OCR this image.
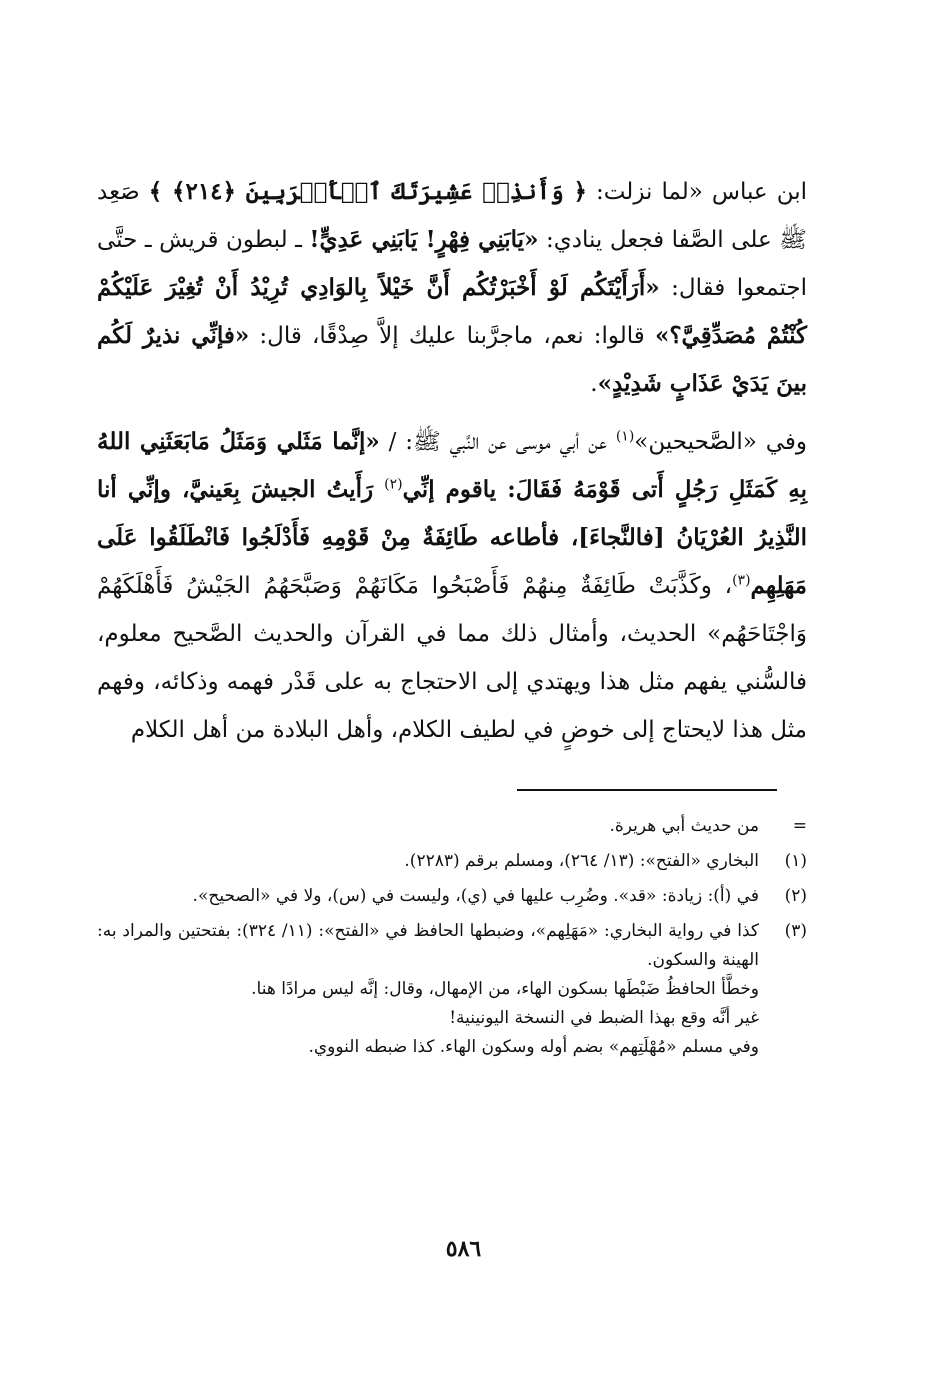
ابن عباس «لما نزلت: ﴿ وَأَنذِرۡ عَشِيرَتَكَ ٱلۡأَقۡرَبِينَ ﴿٢١٤﴾ ﴾ صَعِد ﷺ على الصَّفا فجعل ينادي: «يَابَنِي فِهْرٍ! يَابَنِي عَدِيٍّ! ـ لبطون قريش ـ حتَّى اجتمعوا فقال: «أَرَأَيْتَكُم لَوْ أَخْبَرْتُكُم أَنَّ خَيْلاً بِالوَادِي تُرِيْدُ أَنْ تُغِيْرَ عَلَيْكُمْ كُنْتُمْ مُصَدِّقِيَّ؟» قالوا: نعم، ماجرَّبنا عليك إلاَّ صِدْقًا، قال: «فإنِّي نذيرٌ لَكُم بينَ يَدَيْ عَذَابٍ شَدِيْدٍ».

وفي «الصَّحيحين»$^{(١)}$ عن أبي موسى عن النَّبي ﷺ: / «إنَّما مَثَلي وَمَثَلُ مَابَعَثَنِي اللهُ بِهِ كَمَثَلِ رَجُلٍ أَتى قَوْمَهُ فَقَالَ: ياقوم إنِّي$^{(٢)}$ رَأَيتُ الجيشَ بِعَينيَّ، وإنِّي أنا النَّذِيرُ العُرْيَانُ [فالنَّجاءَ]، فأطاعه طَائِفَةٌ مِنْ قَوْمِهِ فَأَدْلَجُوا فَانْطَلَقُوا عَلَى مَهَلِهِم$^{(٣)}$، وكَذَّبَتْ طَائِفَةٌ مِنهُمْ فَأَصْبَحُوا مَكَانَهُمْ وَصَبَّحَهُمُ الجَيْشُ فَأَهْلَكَهُمْ وَاجْتَاحَهُم» الحديث، وأمثال ذلك مما في القرآن والحديث الصَّحيح معلوم، فالسُّني يفهم مثل هذا ويهتدي إلى الاحتجاج به على قَدْر فهمه وذكائه، وفهم مثل هذا لايحتاج إلى خوضٍ في لطيف الكلام، وأهل البلادة من أهل الكلام

=
من حديث أبي هريرة.
(١)
البخاري «الفتح»: (١٣/ ٢٦٤)، ومسلم برقم (٢٢٨٣).
(٢)
في (أ): زيادة: «قد». وضُرِب عليها في (ي)، وليست في (س)، ولا في «الصحيح».
(٣)
كذا في رواية البخاري: «مَهَلِهم»، وضبطها الحافظ في «الفتح»: (١١/ ٣٢٤): بفتحتين والمراد به: الهينة والسكون.
وخطَّأ الحافظُ ضَبْطَها بسكون الهاء، من الإمهال، وقال: إنَّه ليس مرادًا هنا.
غير أنَّه وقع بهذا الضبط في النسخة اليونينية!
وفي مسلم «مُهْلَتِهم» بضم أوله وسكون الهاء. كذا ضبطه النووي.
٥٨٦
